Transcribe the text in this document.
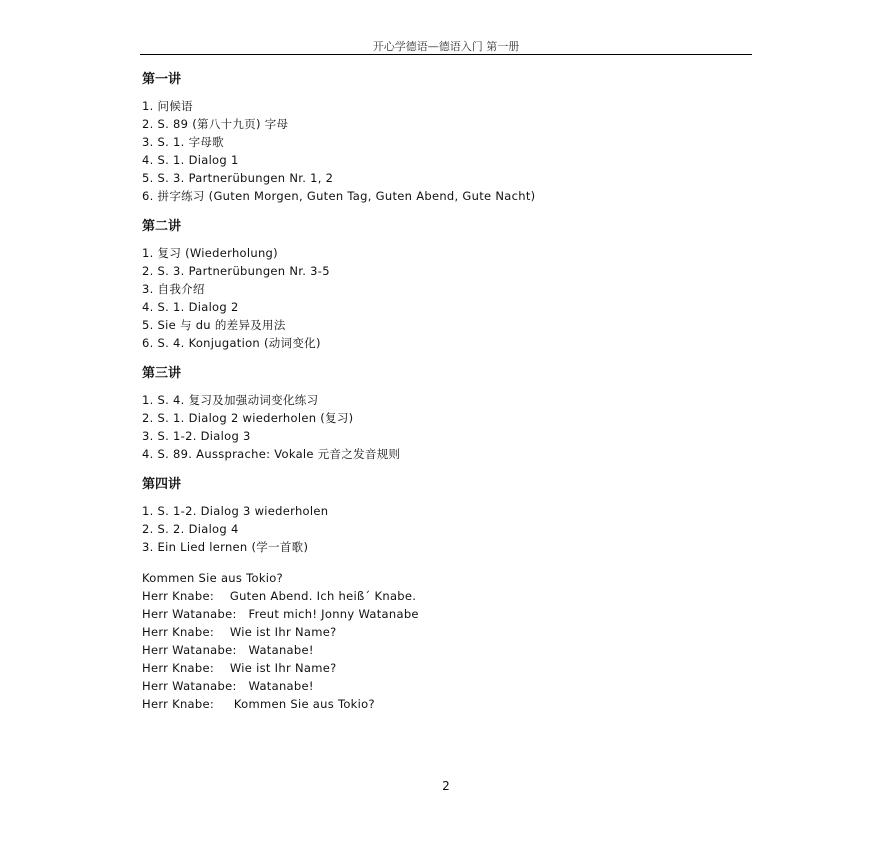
开心学德语—德语入门 第一册
第一讲
1. 问候语
2. S. 89 (第八十九页) 字母
3. S. 1. 字母歌
4. S. 1. Dialog 1
5. S. 3. Partnerübungen Nr. 1, 2
6. 拼字练习 (Guten Morgen, Guten Tag, Guten Abend, Gute Nacht)
第二讲
1. 复习 (Wiederholung)
2. S. 3. Partnerübungen Nr. 3-5
3. 自我介绍
4. S. 1. Dialog 2
5. Sie 与 du 的差异及用法
6. S. 4. Konjugation (动词变化)
第三讲
1. S. 4. 复习及加强动词变化练习
2. S. 1. Dialog 2 wiederholen (复习)
3. S. 1-2. Dialog 3
4. S. 89. Aussprache: Vokale 元音之发音规则
第四讲
1. S. 1-2. Dialog 3 wiederholen
2. S. 2. Dialog 4
3. Ein Lied lernen (学一首歌)
Kommen Sie aus Tokio?
Herr Knabe:    Guten Abend. Ich heiß´ Knabe.
Herr Watanabe:   Freut mich! Jonny Watanabe
Herr Knabe:    Wie ist Ihr Name?
Herr Watanabe:   Watanabe!
Herr Knabe:    Wie ist Ihr Name?
Herr Watanabe:   Watanabe!
Herr Knabe:     Kommen Sie aus Tokio?
2
